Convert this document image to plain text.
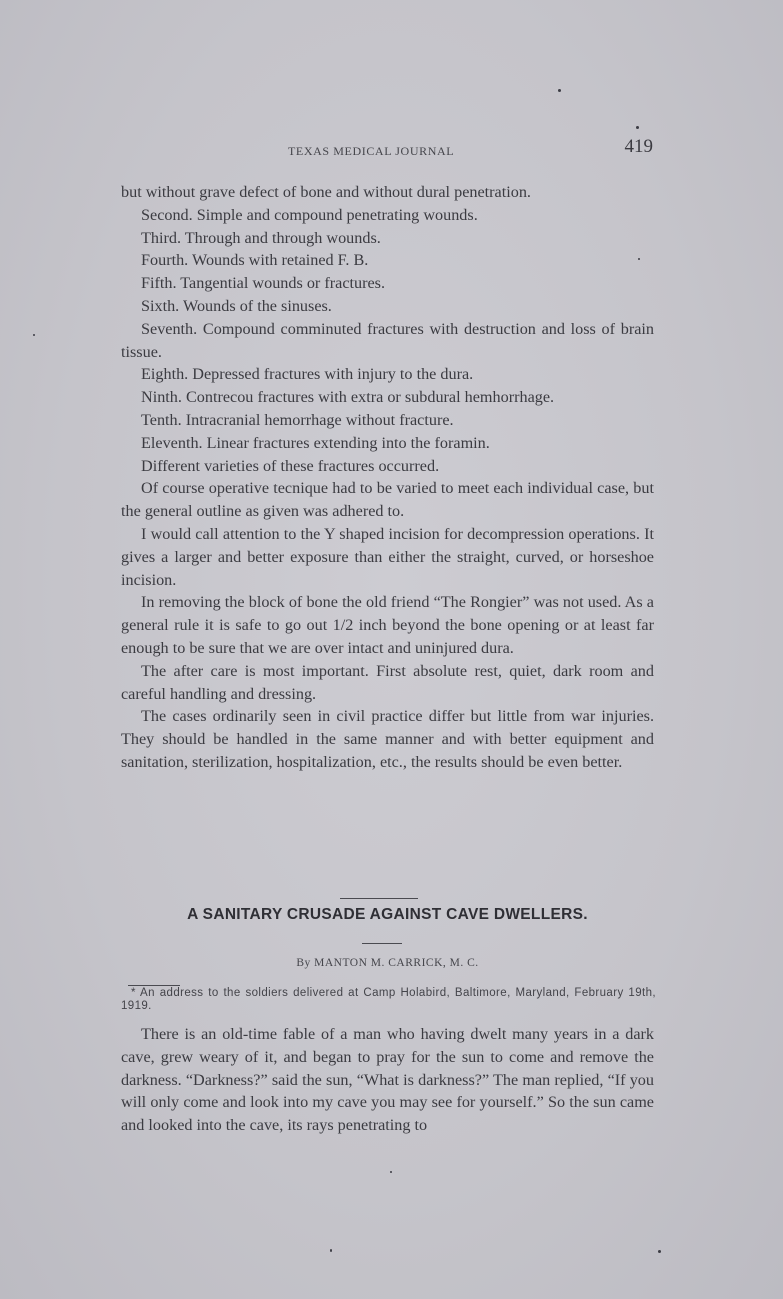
TEXAS MEDICAL JOURNAL	419

but without grave defect of bone and without dural penetration.

Second. Simple and compound penetrating wounds.

Third. Through and through wounds.

Fourth. Wounds with retained F. B.

Fifth. Tangential wounds or fractures.

Sixth. Wounds of the sinuses.

Seventh. Compound comminuted fractures with destruction and loss of brain tissue.

Eighth. Depressed fractures with injury to the dura.

Ninth. Contrecou fractures with extra or subdural hemhorrhage.

Tenth. Intracranial hemorrhage without fracture.

Eleventh. Linear fractures extending into the foramin.

Different varieties of these fractures occurred.

Of course operative tecnique had to be varied to meet each individual case, but the general outline as given was adhered to.

I would call attention to the Y shaped incision for decompression operations. It gives a larger and better exposure than either the straight, curved, or horseshoe incision.

In removing the block of bone the old friend “The Rongier” was not used. As a general rule it is safe to go out 1/2 inch beyond the bone opening or at least far enough to be sure that we are over intact and uninjured dura.

The after care is most important. First absolute rest, quiet, dark room and careful handling and dressing.

The cases ordinarily seen in civil practice differ but little from war injuries. They should be handled in the same manner and with better equipment and sanitation, sterilization, hospitalization, etc., the results should be even better.

A SANITARY CRUSADE AGAINST CAVE DWELLERS.
By MANTON M. CARRICK, M. C.
* An address to the soldiers delivered at Camp Holabird, Baltimore, Maryland, February 19th, 1919.

There is an old-time fable of a man who having dwelt many years in a dark cave, grew weary of it, and began to pray for the sun to come and remove the darkness. “Darkness?” said the sun, “What is darkness?” The man replied, “If you will only come and look into my cave you may see for yourself.” So the sun came and looked into the cave, its rays penetrating to
